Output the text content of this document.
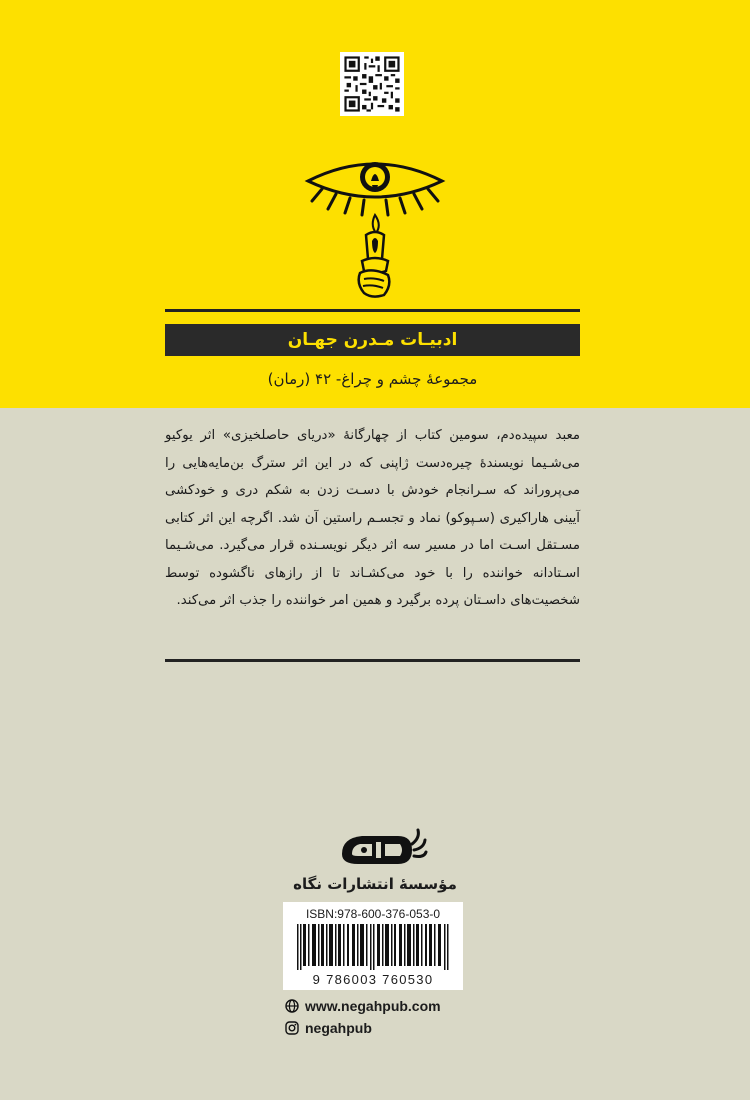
ادبیـات مـدرن جهـان
مجموعهٔ چشم و چراغ- ۴۲ (رمان)

معبد سپیده‌دم، سومین کتاب از چهارگانهٔ «دریای حاصلخیزی» اثر یوکیو می‌شـیما نویسندهٔ چیره‌دست ژاپنی که در این اثر سترگ بن‌مایه‌هایی را می‌پروراند که سـرانجام خودش با دسـت زدن به شکم دری و خودکشی آیینی هاراکیری (سـپوکو) نماد و تجسـم راستین آن شد. اگرچه این اثر کتابی مسـتقل اسـت اما در مسیر سه اثر دیگر نویسـنده قرار می‌گیرد. می‌شـیما اسـتادانه خواننده را با خود می‌کشـاند تا از رازهای ناگشوده توسط شخصیت‌های داسـتان پرده برگیرد و همین امر خواننده را جذب اثر می‌کند.

مؤسسهٔ انتشارات نگاه
ISBN:978-600-376-053-0
9 786003 760530
www.negahpub.com
negahpub
